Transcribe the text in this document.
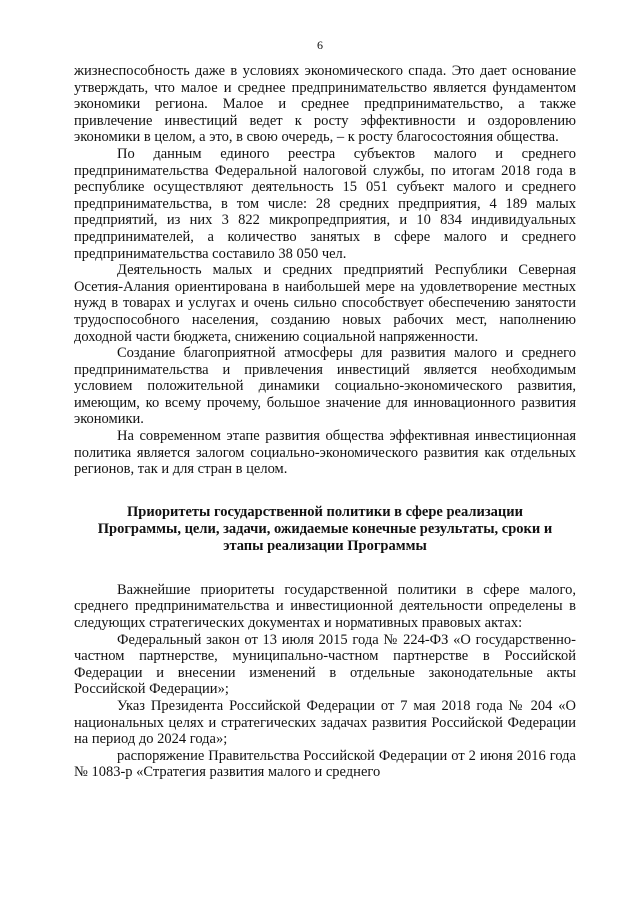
6

жизнеспособность даже в условиях экономического спада. Это дает основание утверждать, что малое и среднее предпринимательство является фундаментом экономики региона. Малое и среднее предпринимательство, а также привлечение инвестиций ведет к росту эффективности и оздоровлению экономики в целом, а это, в свою очередь, – к росту благосостояния общества.

По данным единого реестра субъектов малого и среднего предпринимательства Федеральной налоговой службы, по итогам 2018 года в республике осуществляют деятельность 15 051 субъект малого и среднего предпринимательства, в том числе: 28 средних предприятия, 4 189 малых предприятий, из них 3 822 микропредприятия, и 10 834 индивидуальных предпринимателей, а количество занятых в сфере малого и среднего предпринимательства составило 38 050 чел.

Деятельность малых и средних предприятий Республики Северная Осетия-Алания ориентирована в наибольшей мере на удовлетворение местных нужд в товарах и услугах и очень сильно способствует обеспечению занятости трудоспособного населения, созданию новых рабочих мест, наполнению доходной части бюджета, снижению социальной напряженности.

Создание благоприятной атмосферы для развития малого и среднего предпринимательства и привлечения инвестиций является необходимым условием положительной динамики социально-экономического развития, имеющим, ко всему прочему, большое значение для инновационного развития экономики.

На современном этапе развития общества эффективная инвестиционная политика является залогом социально-экономического развития как отдельных регионов, так и для стран в целом.

Приоритеты государственной политики в сфере реализации
Программы, цели, задачи, ожидаемые конечные результаты, сроки и
этапы реализации Программы

Важнейшие приоритеты государственной политики в сфере малого, среднего предпринимательства и инвестиционной деятельности определены в следующих стратегических документах и нормативных правовых актах:

Федеральный закон от 13 июля 2015 года № 224-ФЗ «О государственно-частном партнерстве, муниципально-частном партнерстве в Российской Федерации и внесении изменений в отдельные законодательные акты Российской Федерации»;

Указ Президента Российской Федерации от 7 мая 2018 года № 204 «О национальных целях и стратегических задачах развития Российской Федерации на период до 2024 года»;

распоряжение Правительства Российской Федерации от 2 июня 2016 года № 1083-р «Стратегия развития малого и среднего
